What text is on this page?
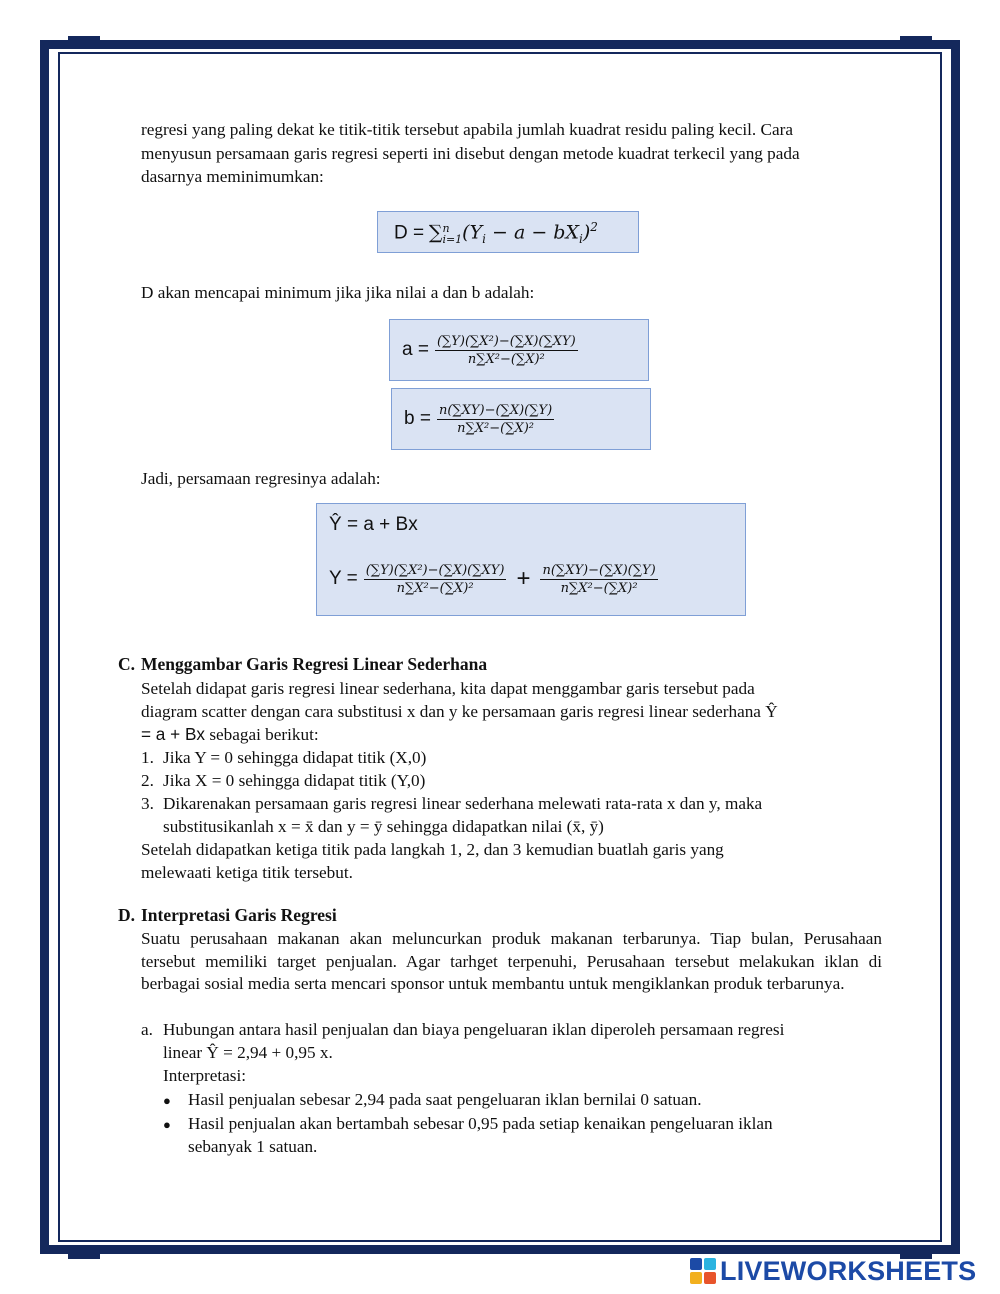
regresi yang paling dekat ke titik-titik tersebut apabila jumlah kuadrat residu paling kecil. Cara
menyusun persamaan garis regresi seperti ini disebut dengan metode kuadrat terkecil yang pada
dasarnya meminimumkan:
D = ∑ n
i=1 $(Y_i - a - bX_i)^2$
D akan mencapai minimum jika jika nilai a dan b adalah:
$a = \frac{\text{(∑Y)(∑X²)−(∑X)(∑XY)}}{\text{n∑X²−(∑X)²}}$
$b = \frac{n(\sum XY)-(\sum X)(\sum Y)}{\text{n∑X²−(∑X)²}}$
Jadi, persamaan regresinya adalah:
Ŷ = a + Bx
$Y = \frac{\text{(∑Y)(∑X²)−(∑X)(∑XY)}}{\text{n∑X²−(∑X)²}} + \frac{n(\sum XY)-(\sum X)(\sum Y)}{\text{n∑X²−(∑X)²}}$
C. Menggambar Garis Regresi Linear Sederhana
Setelah didapat garis regresi linear sederhana, kita dapat menggambar garis tersebut pada
diagram scatter dengan cara substitusi x dan y ke persamaan garis regresi linear sederhana Ŷ
= a + Bx sebagai berikut:
1. Jika Y = 0 sehingga didapat titik (X,0)
2. Jika X = 0 sehingga didapat titik (Y,0)
3. Dikarenakan persamaan garis regresi linear sederhana melewati rata-rata x dan y, maka
substitusikanlah x = x̄ dan y = ȳ sehingga didapatkan nilai (x̄, ȳ)
Setelah didapatkan ketiga titik pada langkah 1, 2, dan 3 kemudian buatlah garis yang
melewaati ketiga titik tersebut.
D. Interpretasi Garis Regresi
Suatu perusahaan makanan akan meluncurkan produk makanan terbarunya. Tiap bulan, Perusahaan tersebut memiliki target penjualan. Agar tarhget terpenuhi, Perusahaan tersebut melakukan iklan di berbagai sosial media serta mencari sponsor untuk membantu untuk mengiklankan produk terbarunya.
a. Hubungan antara hasil penjualan dan biaya pengeluaran iklan diperoleh persamaan regresi
linear Ŷ = 2,94 + 0,95 x.
Interpretasi:
● Hasil penjualan sebesar 2,94 pada saat pengeluaran iklan bernilai 0 satuan.
● Hasil penjualan akan bertambah sebesar 0,95 pada setiap kenaikan pengeluaran iklan
sebanyak 1 satuan.
LIVEWORKSHEETS
